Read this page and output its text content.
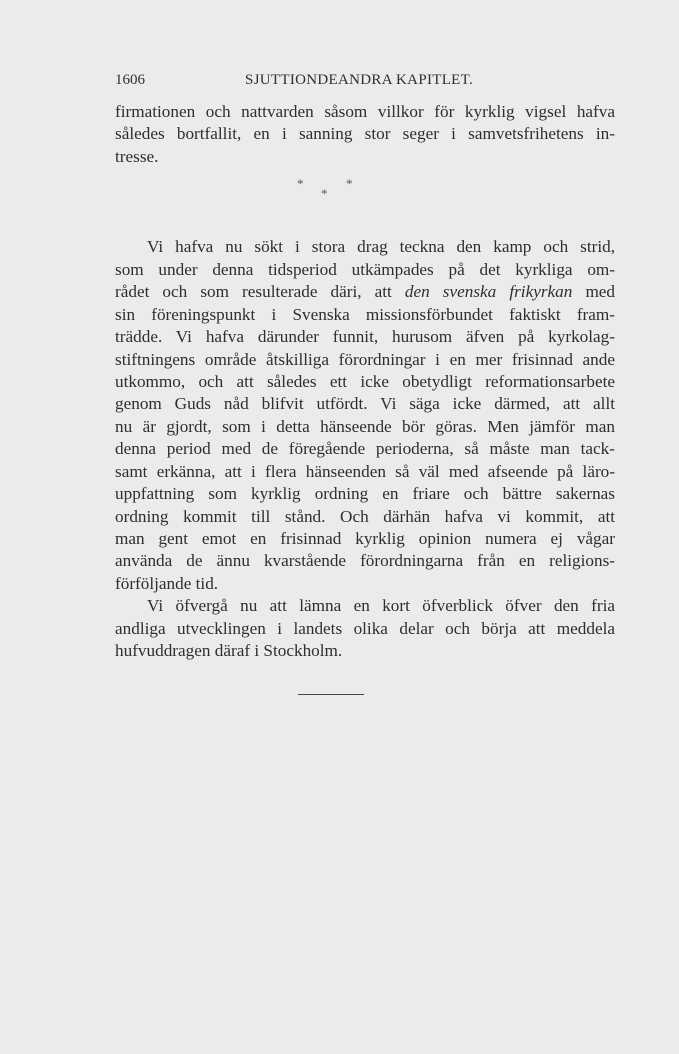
1606	SJUTTIONDEANDRA KAPITLET.
firmationen och nattvarden såsom villkor för kyrklig vigsel hafva
således bortfallit, en i sanning stor seger i samvetsfrihetens in-
tresse.
*
*
*
Vi hafva nu sökt i stora drag teckna den kamp och strid,
som under denna tidsperiod utkämpades på det kyrkliga om-
rådet och som resulterade däri, att den svenska frikyrkan med
sin föreningspunkt i Svenska missionsförbundet faktiskt fram-
trädde. Vi hafva därunder funnit, hurusom äfven på kyrkolag-
stiftningens område åtskilliga förordningar i en mer frisinnad ande
utkommo, och att således ett icke obetydligt reformationsarbete
genom Guds nåd blifvit utfördt. Vi säga icke därmed, att allt
nu är gjordt, som i detta hänseende bör göras. Men jämför man
denna period med de föregående perioderna, så måste man tack-
samt erkänna, att i flera hänseenden så väl med afseende på läro-
uppfattning som kyrklig ordning en friare och bättre sakernas
ordning kommit till stånd. Och därhän hafva vi kommit, att
man gent emot en frisinnad kyrklig opinion numera ej vågar
använda de ännu kvarstående förordningarna från en religions-
förföljande tid.
Vi öfvergå nu att lämna en kort öfverblick öfver den fria
andliga utvecklingen i landets olika delar och börja att meddela
hufvuddragen däraf i Stockholm.
